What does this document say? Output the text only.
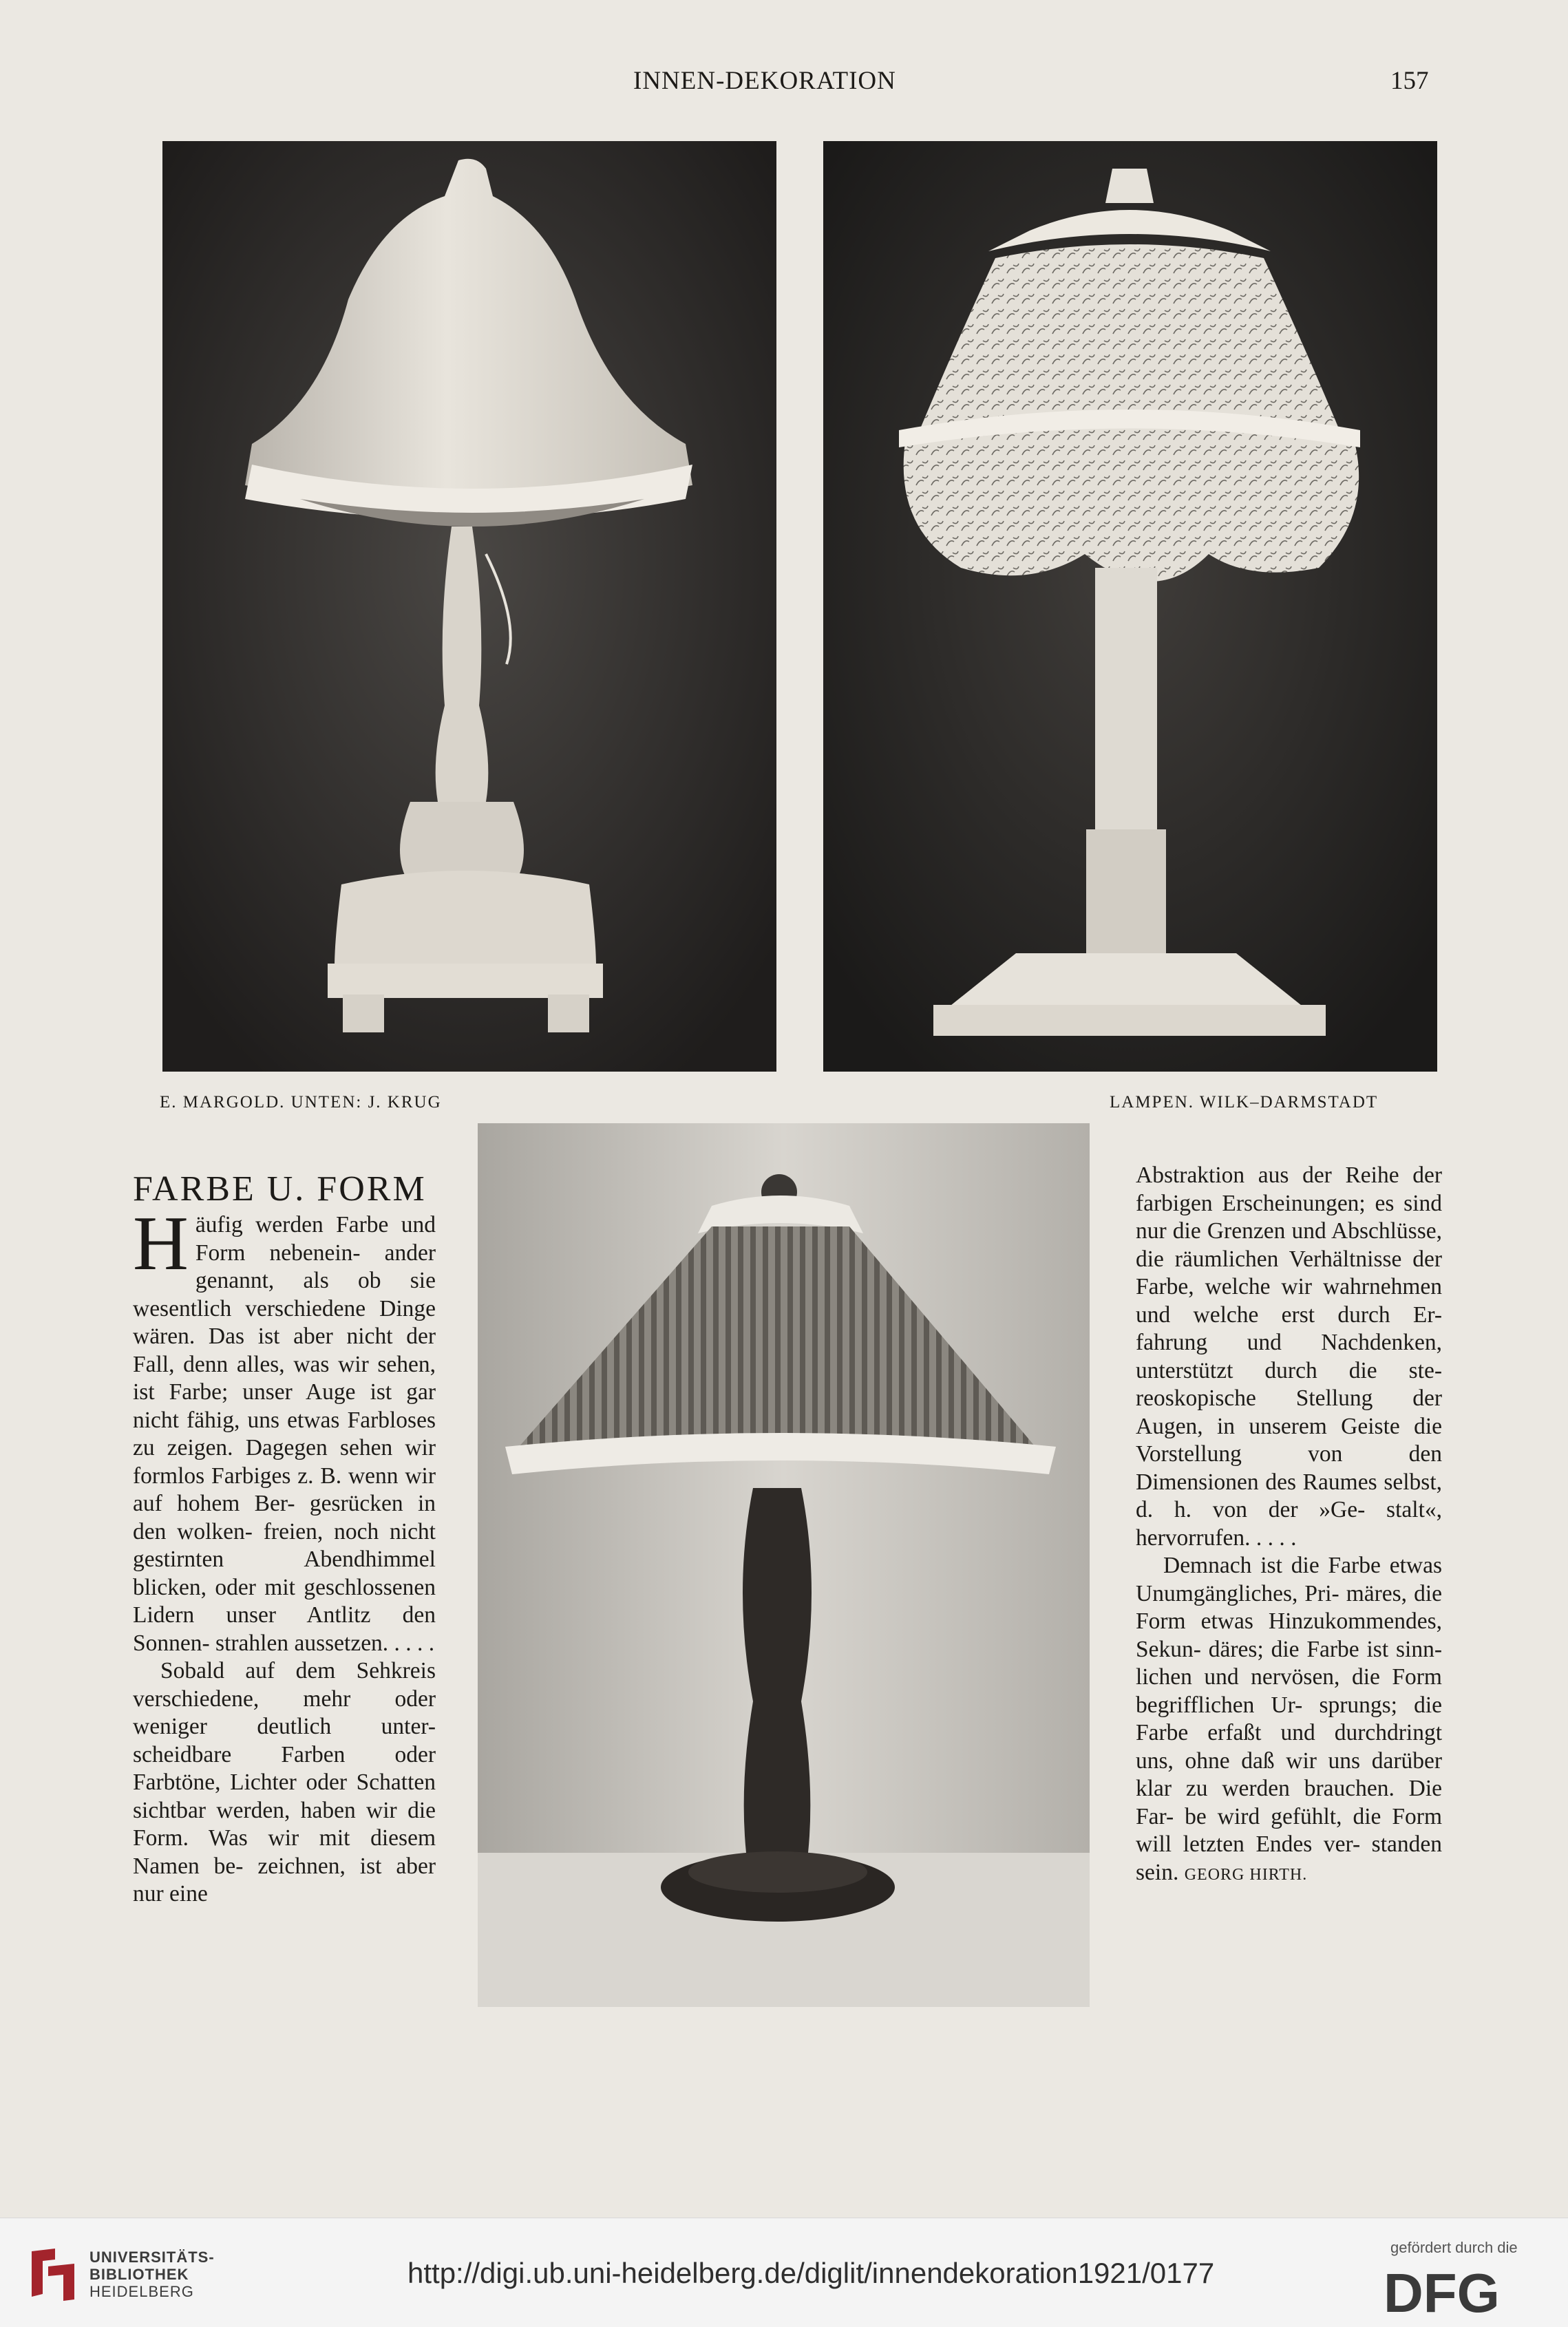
INNEN-DEKORATION	157
E. MARGOLD. UNTEN: J. KRUG	LAMPEN. WILK–DARMSTADT
FARBE U. FORM
H äufig werden Farbe und Form nebenein- ander genannt, als ob sie wesentlich verschiedene Dinge wären. Das ist aber nicht der Fall, denn alles, was wir sehen, ist Farbe; unser Auge ist gar nicht fähig, uns etwas Farbloses zu zeigen. Dagegen sehen wir formlos Farbiges z. B. wenn wir auf hohem Ber- gesrücken in den wolken- freien, noch nicht gestirnten	Abendhimmel blicken, oder mit geschlossenen Lidern unser Antlitz den Sonnen- strahlen aussetzen. . . . .

Sobald auf dem Sehkreis verschiedene, mehr oder weniger deutlich unter- scheidbare Farben oder Farbtöne, Lichter oder Schatten sichtbar werden, haben wir die Form. Was wir mit diesem Namen be- zeichnen, ist aber nur eine

Abstraktion aus der Reihe der farbigen Erscheinungen; es sind nur die Grenzen und Abschlüsse, die räumlichen Verhältnisse der Farbe, welche wir wahrnehmen und welche erst durch Er- fahrung und Nachdenken, unterstützt durch die ste- reoskopische Stellung der Augen, in unserem Geiste die Vorstellung von den Dimensionen des Raumes selbst, d. h. von der »Ge- stalt«, hervorrufen. . . . .

Demnach ist die Farbe etwas Unumgängliches, Pri- märes, die Form etwas Hinzukommendes, Sekun- däres; die Farbe ist sinn- lichen und nervösen, die Form begrifflichen Ur- sprungs; die Farbe erfaßt und durchdringt uns, ohne daß wir uns darüber klar zu werden brauchen. Die Far- be wird gefühlt, die Form will letzten Endes ver- standen sein. GEORG HIRTH.

UNIVERSITÄTS-
BIBLIOTHEK
HEIDELBERG
http://digi.ub.uni-heidelberg.de/diglit/innendekoration1921/0177
gefördert durch die
DFG
